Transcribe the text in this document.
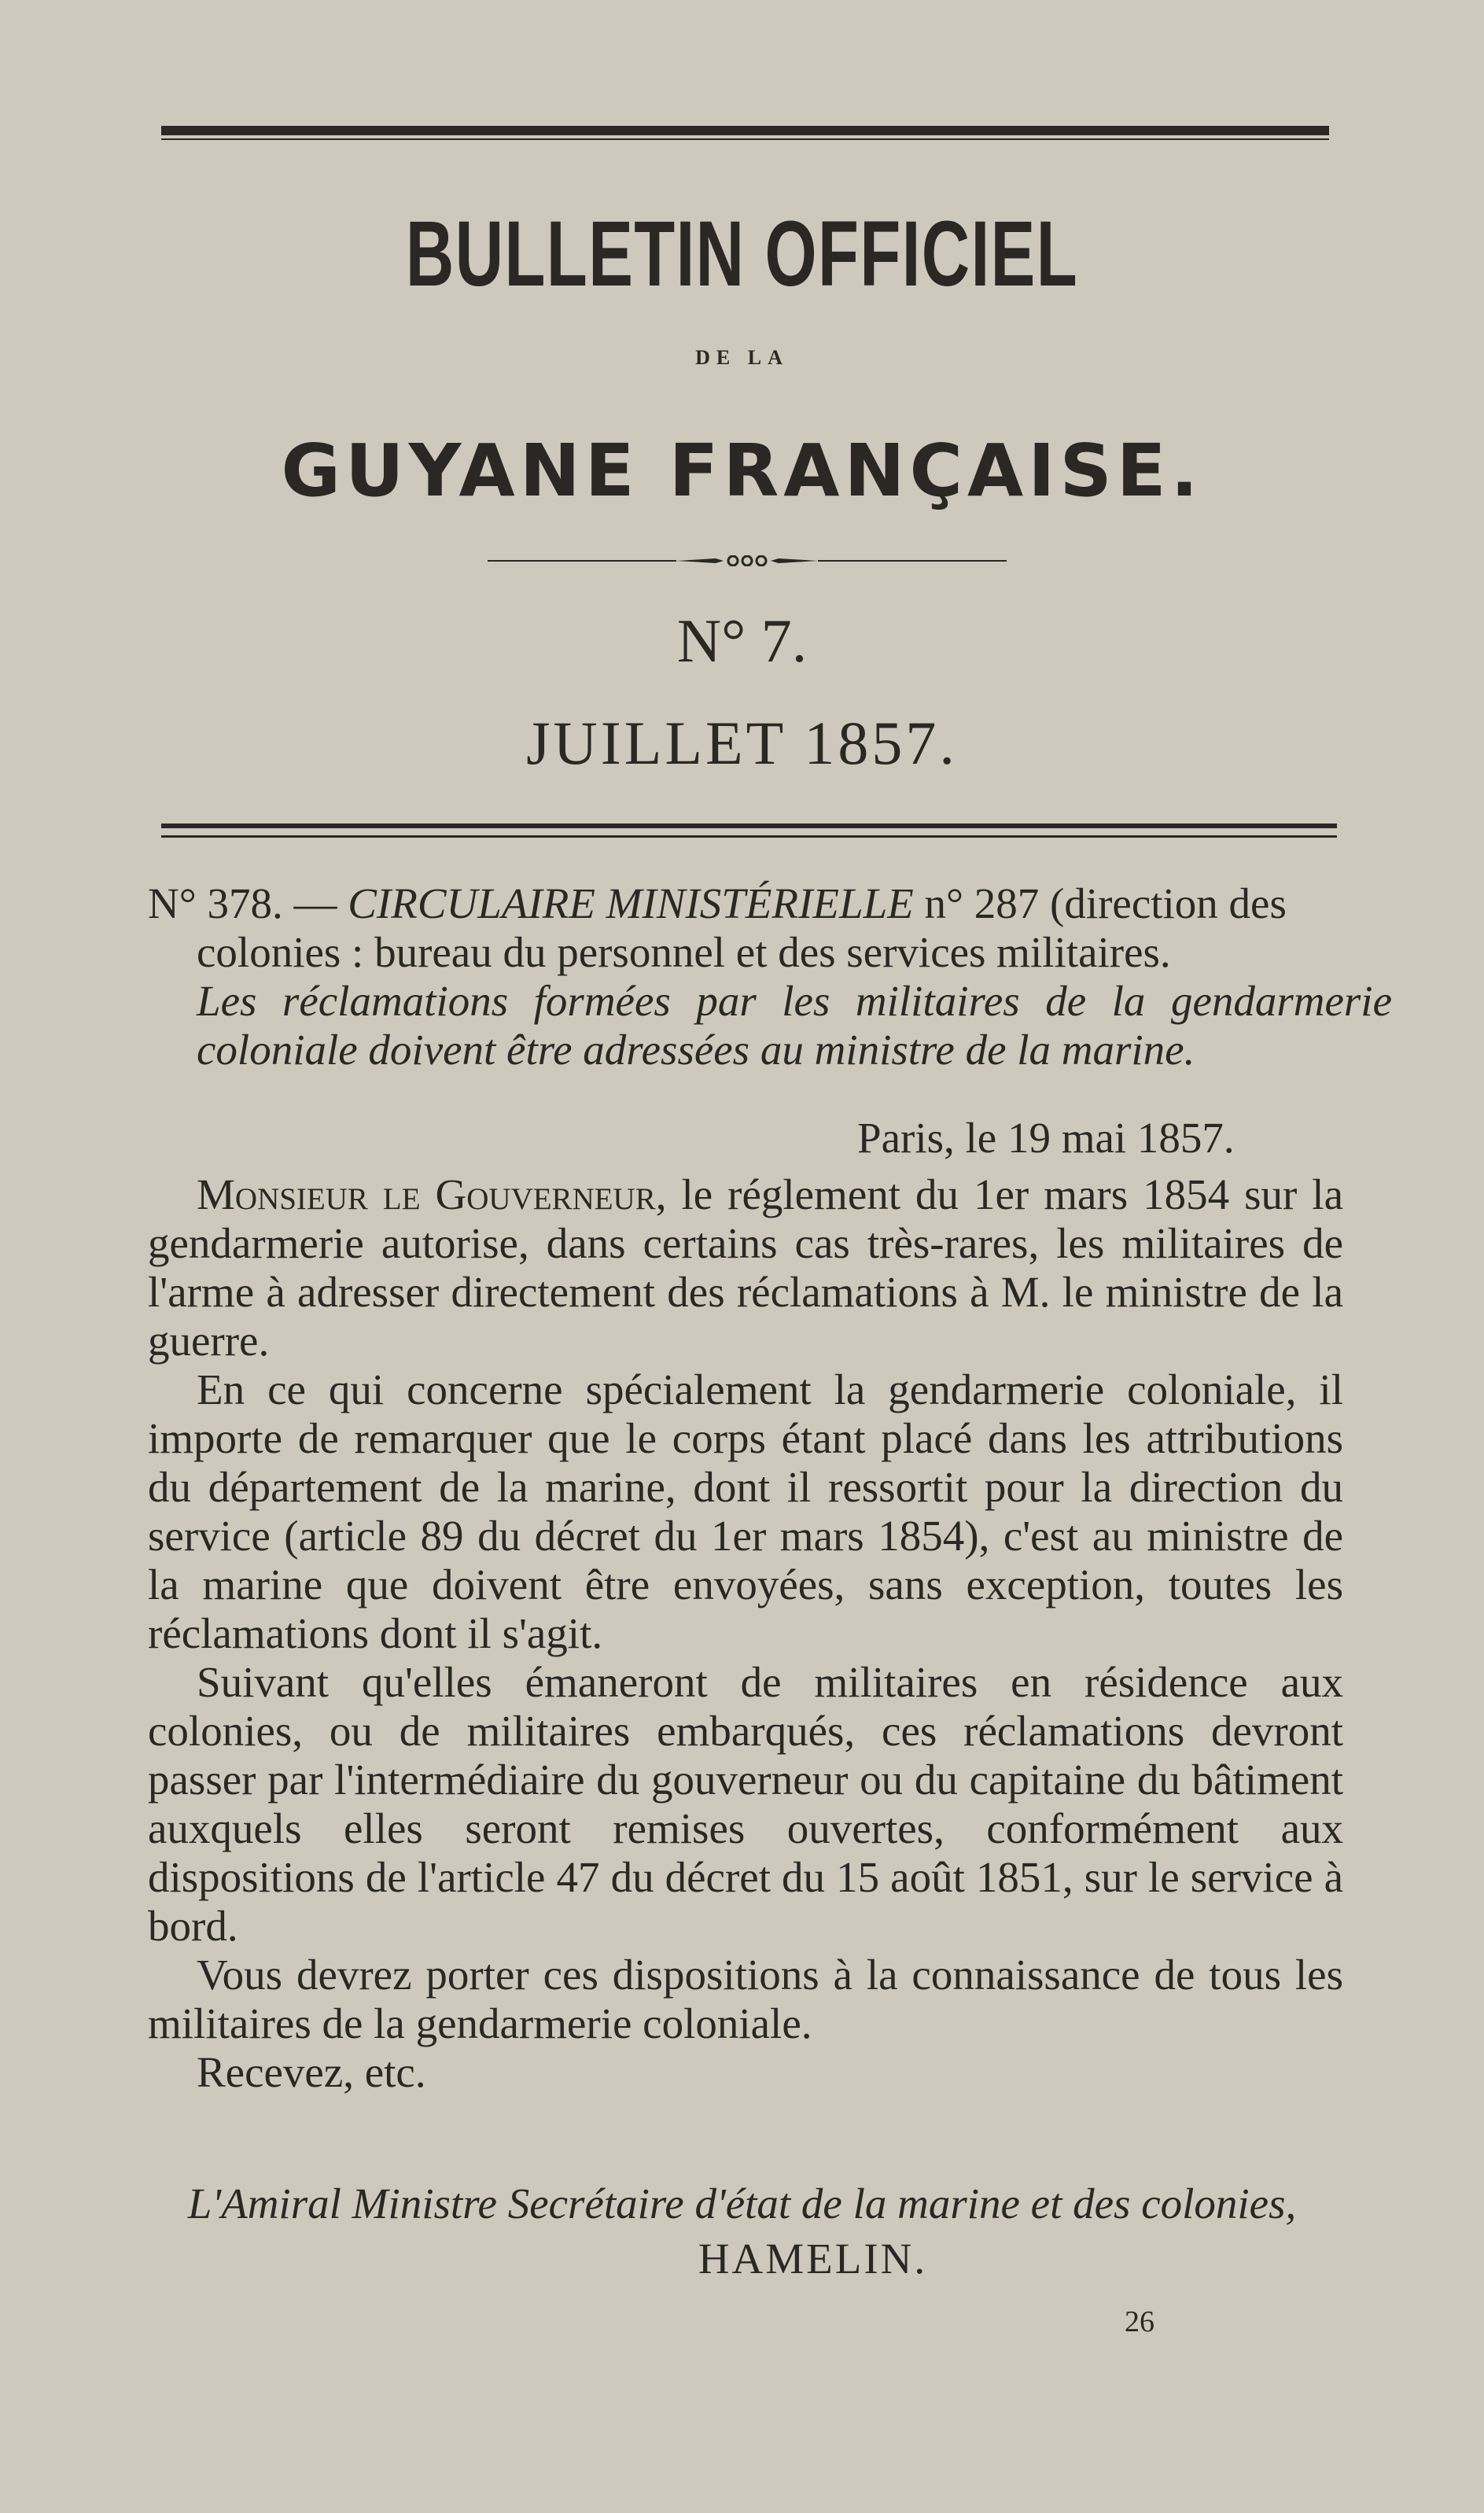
BULLETIN OFFICIEL
DE LA
GUYANE FRANÇAISE.
N° 7.
JUILLET 1857.
N° 378. — CIRCULAIRE MINISTÉRIELLE n° 287 (direction des colonies : bureau du personnel et des services militaires.
Les réclamations formées par les militaires de la gendarmerie coloniale doivent être adressées au ministre de la marine.
Paris, le 19 mai 1857.

Monsieur le Gouverneur, le réglement du 1er mars 1854 sur la gendarmerie autorise, dans certains cas très-rares, les militaires de l'arme à adresser directement des réclamations à M. le ministre de la guerre.

En ce qui concerne spécialement la gendarmerie coloniale, il importe de remarquer que le corps étant placé dans les attributions du département de la marine, dont il ressortit pour la direction du service (article 89 du décret du 1er mars 1854), c'est au ministre de la marine que doivent être envoyées, sans exception, toutes les réclamations dont il s'agit.

Suivant qu'elles émaneront de militaires en résidence aux colonies, ou de militaires embarqués, ces réclamations devront passer par l'intermédiaire du gouverneur ou du capitaine du bâtiment auxquels elles seront remises ouvertes, conformément aux dispositions de l'article 47 du décret du 15 août 1851, sur le service à bord.

Vous devrez porter ces dispositions à la connaissance de tous les militaires de la gendarmerie coloniale.

Recevez, etc.

L'Amiral Ministre Secrétaire d'état de la marine et des colonies,
HAMELIN.
26
